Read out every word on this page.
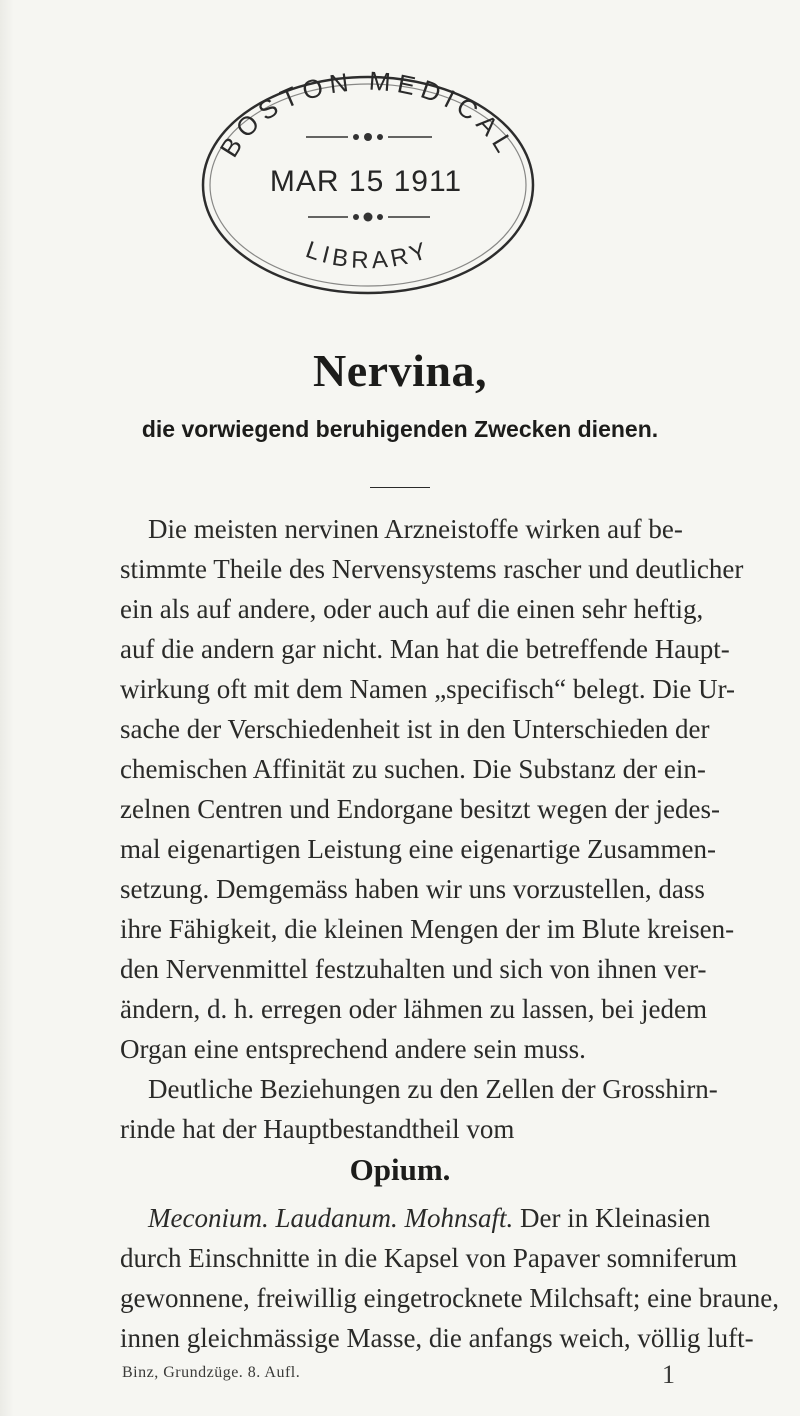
BOSTON MEDICAL
LIBRARY
MAR 15 1911
Nervina,
die vorwiegend beruhigenden Zwecken dienen.
Die meisten nervinen Arzneistoffe wirken auf be-
stimmte Theile des Nervensystems rascher und deutlicher
ein als auf andere, oder auch auf die einen sehr heftig,
auf die andern gar nicht. Man hat die betreffende Haupt-
wirkung oft mit dem Namen „specifisch“ belegt. Die Ur-
sache der Verschiedenheit ist in den Unterschieden der
chemischen Affinität zu suchen. Die Substanz der ein-
zelnen Centren und Endorgane besitzt wegen der jedes-
mal eigenartigen Leistung eine eigenartige Zusammen-
setzung. Demgemäss haben wir uns vorzustellen, dass
ihre Fähigkeit, die kleinen Mengen der im Blute kreisen-
den Nervenmittel festzuhalten und sich von ihnen ver-
ändern, d. h. erregen oder lähmen zu lassen, bei jedem
Organ eine entsprechend andere sein muss.
Deutliche Beziehungen zu den Zellen der Grosshirn-
rinde hat der Hauptbestandtheil vom
Opium.
Meconium. Laudanum. Mohnsaft. Der in Kleinasien
durch Einschnitte in die Kapsel von Papaver somniferum
gewonnene, freiwillig eingetrocknete Milchsaft; eine braune,
innen gleichmässige Masse, die anfangs weich, völlig luft-
Binz, Grundzüge. 8. Aufl.	1
